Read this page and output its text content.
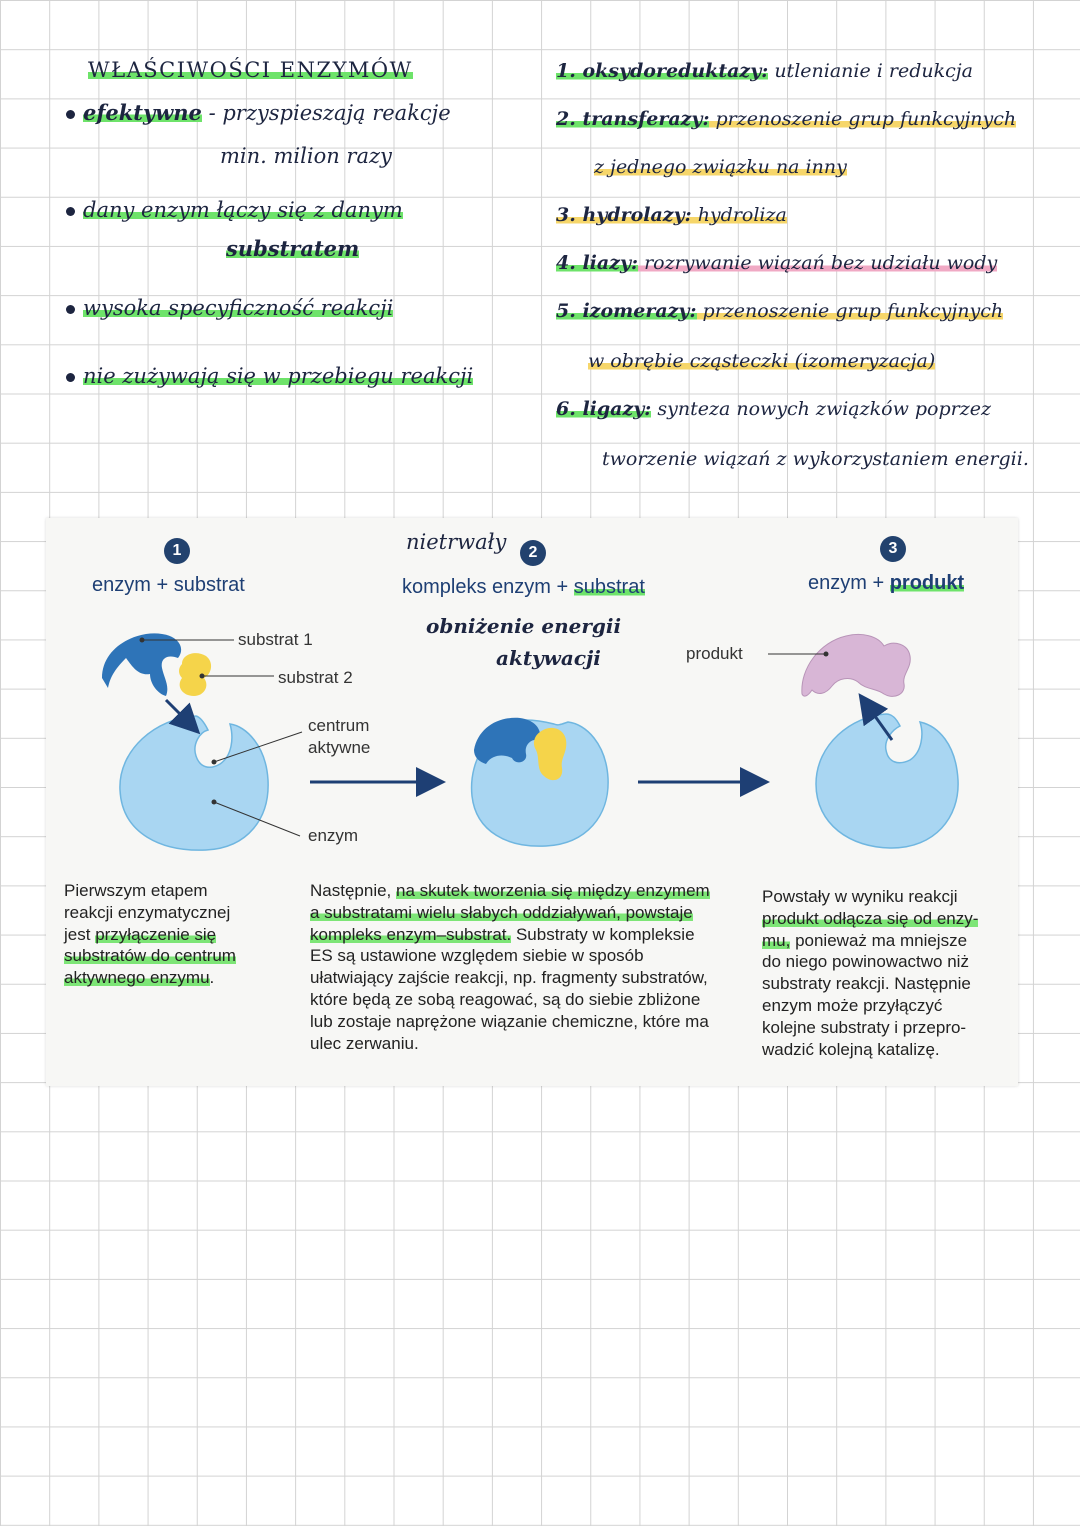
WŁAŚCIWOŚCI ENZYMÓW
efektywne - przyspieszają reakcje
min. milion razy
dany enzym łączy się z danym
substratem
wysoka specyficzność reakcji
nie zużywają się w przebiegu reakcji
1. oksydoreduktazy: utlenianie i redukcja
2. transferazy: przenoszenie grup funkcyjnych
z jednego związku na inny
3. hydrolazy: hydroliza
4. liazy: rozrywanie wiązań bez udziału wody
5. izomerazy: przenoszenie grup funkcyjnych
w obrębie cząsteczki (izomeryzacja)
6. ligazy: synteza nowych związków poprzez
tworzenie wiązań z wykorzystaniem energii.
1
enzym + substrat
nietrwały	2
kompleks enzym + substrat
3
enzym + produkt
obniżenie energii
aktywacji
substrat 1
substrat 2
centrum
aktywne
enzym
produkt
Pierwszym etapem
reakcji enzymatycznej
jest przyłączenie się
substratów do centrum
aktywnego enzymu.
Następnie, na skutek tworzenia się między enzymem
a substratami wielu słabych oddziaływań, powstaje
kompleks enzym–substrat. Substraty w kompleksie
ES są ustawione względem siebie w sposób
ułatwiający zajście reakcji, np. fragmenty substratów,
które będą ze sobą reagować, są do siebie zbliżone
lub zostaje naprężone wiązanie chemiczne, które ma
ulec zerwaniu.
Powstały w wyniku reakcji
produkt odłącza się od enzy-
mu, ponieważ ma mniejsze
do niego powinowactwo niż
substraty reakcji. Następnie
enzym może przyłączyć
kolejne substraty i przepro-
wadzić kolejną katalizę.
